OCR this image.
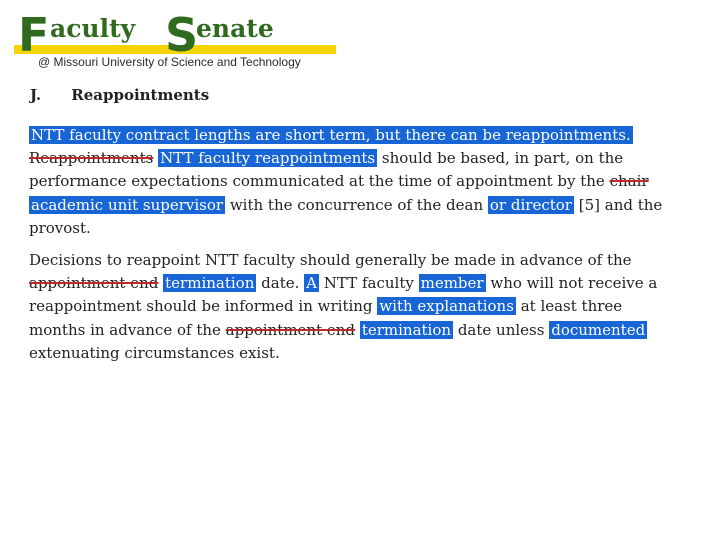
F aculty S
enate
@ Missouri University of Science and Technology
J. Reappointments
NTT faculty contract lengths are short term, but there can be reappointments.
Reappointments NTT faculty reappointments should be based, in part, on the
performance expectations communicated at the time of appointment by the chair
academic unit supervisor with the concurrence of the dean or director [5] and the
provost.
Decisions to reappoint NTT faculty should generally be made in advance of the
appointment end termination date. A NTT faculty member who will not receive a
reappointment should be informed in writing with explanations at least three
months in advance of the appointment end termination date unless documented
extenuating circumstances exist.
